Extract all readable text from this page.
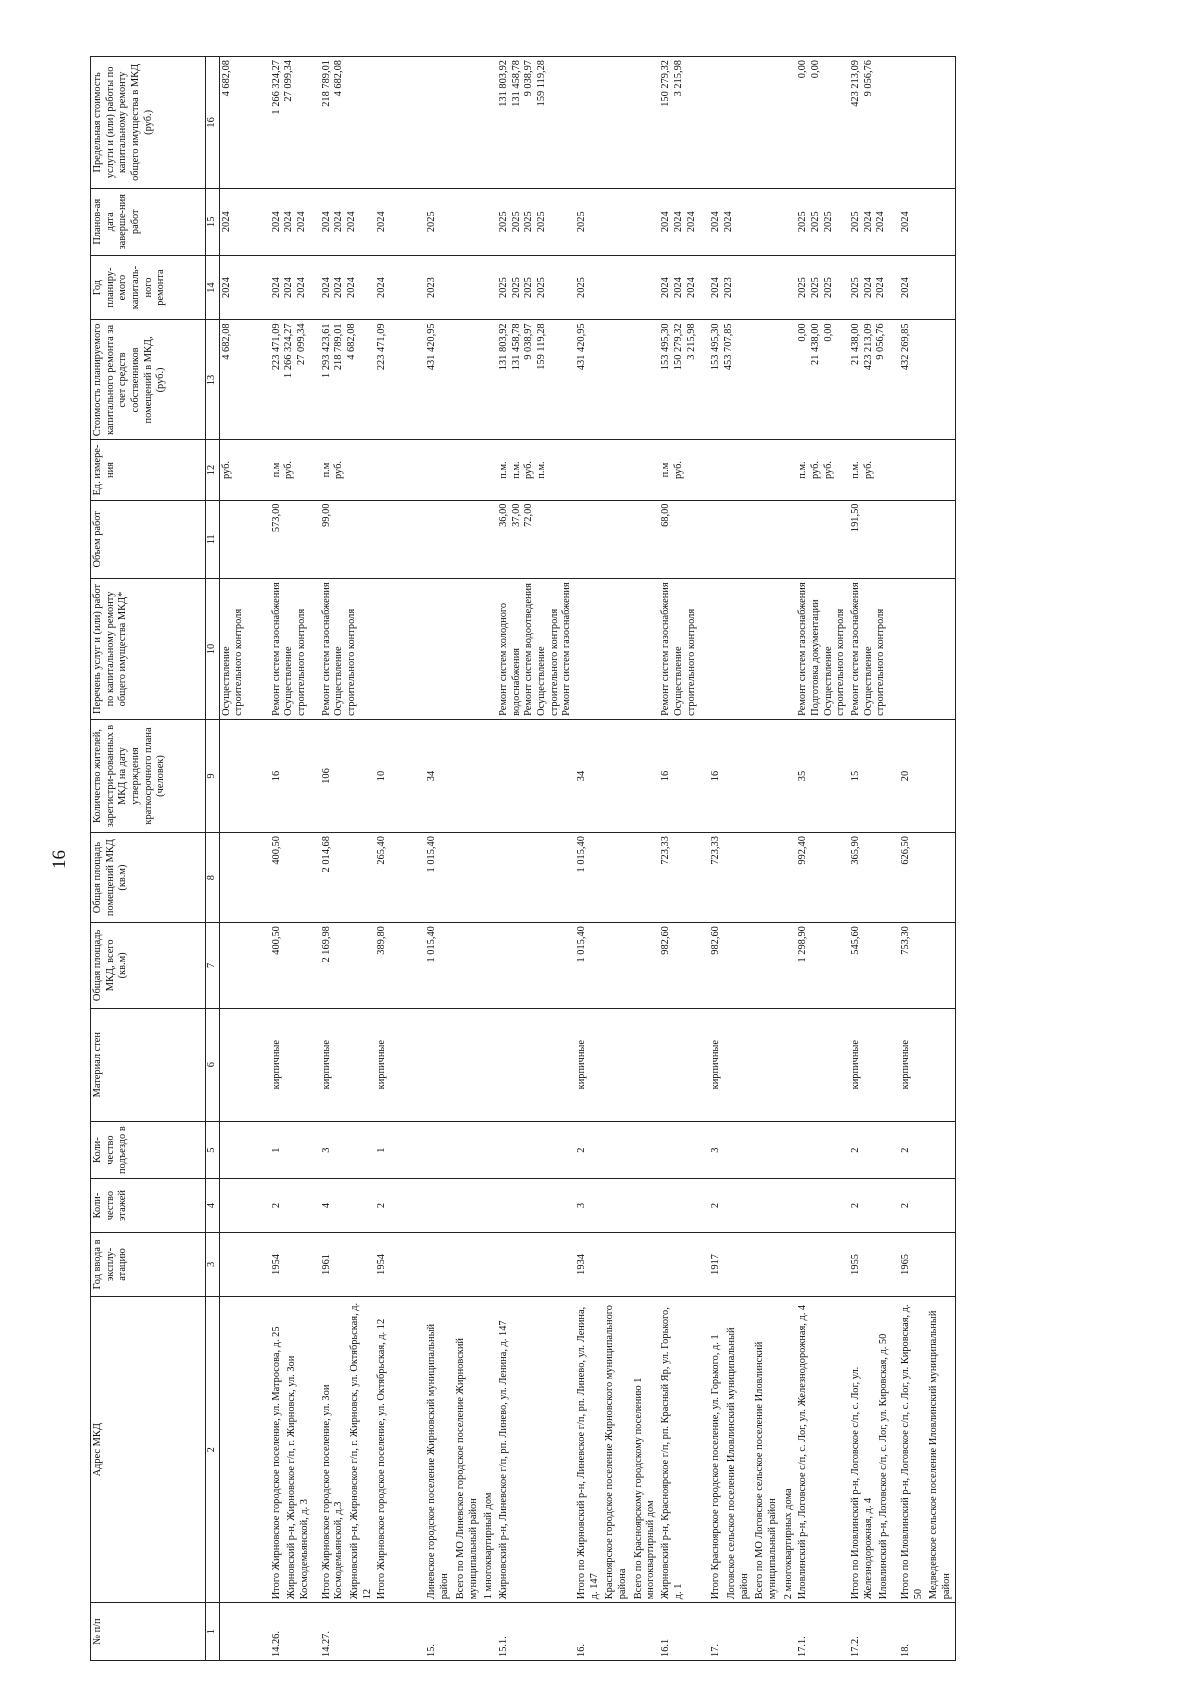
16
№ п/п	Адрес МКД	Год ввода в эксплу-атацию	Коли-чество этажей	Коли-чество подъездо в	Материал стен	Общая площадь МКД, всего (кв.м)	Общая площадь помещений МКД (кв.м)	Количество жителей, зарегистри-рованных в МКД на дату утверждения краткосрочного плана (человек)	Перечень услуг и (или) работ по капитальному ремонту общего имущества МКД*	Объем работ	Ед. измере-ния	Стоимость планируемого капитального ремонта за счет средств собственников помещений в МКД, (руб.)	Год планиру-емого капиталь-ного ремонта	Планов-ая дата заверше-ния работ	Предельная стоимость услуги и (или) работы по капитальному ремонту общего имущества в МКД (руб.)
1	2	3	4	5	6	7	8	9	10	11	12	13	14	15	16

									Осуществление строительного контроля		руб.	4 682,08	2024	2024	4 682,08

14.26.	Итого Жирновское городское поселение, ул. Матросова, д. 25 Жирновский р-н, Жирновское г/п, г. Жирновск, ул. Зои Космодемьянской, д. 3	1954	2	1	кирпичные	400,50	400,50	16	Ремонт систем газоснабжения Осуществление строительного контроля	573,00	п.м руб.	223 471,09 1 266 324,27 27 099,34	2024 2024 2024	2024 2024 2024	1 266 324,27 27 099,34

14.27.	Итого Жирновское городское поселение, ул. Зои Космодемьянской, д.3 Жирновский р-н, Жирновское г/п, г. Жирновск, ул. Октябрьская, д. 12	1961	4	3	кирпичные	2 169,98	2 014,68	106	Ремонт систем газоснабжения Осуществление строительного контроля	99,00	п.м руб.	1 293 423,61 218 789,01 4 682,08	2024 2024 2024	2024 2024 2024	218 789,01 4 682,08

	Итого Жирновское городское поселение, ул. Октябрьская, д. 12	1954	2	1	кирпичные	389,80	265,40	10				223 471,09	2024	2024	

15.	Линевское городское поселение Жирновский муниципальный район Всего по МО Линевское городское поселение Жирновский муниципальный район 1 многоквартирный дом					1 015,40	1 015,40	34				431 420,95	2023	2025	

15.1.	Жирновский р-н, Линевское г/п, рп. Линево, ул. Ленина, д. 147								Ремонт систем холодного водоснабжения Ремонт систем водоотведения Осуществление строительного контроля Ремонт систем газоснабжения	36,00 37,00 72,00	п.м. п.м. руб. п.м.	131 803,92 131 458,78 9 038,97 159 119,28	2025 2025 2025 2025	2025 2025 2025 2025	131 803,92 131 458,78 9 038,97 159 119,28

16.	Итого по Жирновский р-н, Линевское г/п, рп. Линево, ул. Ленина, д. 147 Красноярское городское поселение Жирновского муниципального района Всего по Красноярскому городскому поселению 1 многоквартирный дом	1934	3	2	кирпичные	1 015,40	1 015,40	34				431 420,95	2025	2025	

16.1	Жирновский р-н, Красноярское г/п, рп. Красный Яр, ул. Горького, д. 1					982,60	723,33	16	Ремонт систем газоснабжения Осуществление строительного контроля	68,00	п.м руб.	153 495,30 150 279,32 3 215,98	2024 2024 2024	2024 2024 2024	150 279,32 3 215,98

17.	Итого Красноярское городское поселение, ул. Горького, д. 1 Логовское сельское поселение Иловлинский муниципальный район Всего по МО Логовское сельское поселение Иловлинский муниципальный район 2 многоквартирных дома	1917	2	3	кирпичные	982,60	723,33	16				153 495,30 453 707,85	2024 2023	2024 2024	

17.1.	Иловлинский р-н, Логовское с/п, с. Лог, ул. Железнодорожная, д. 4					1 298,90	992,40	35	Ремонт систем газоснабжения Подготовка документации Осуществление строительного контроля		п.м. руб. руб.	0,00 21 438,00 0,00	2025 2025 2025	2025 2025 2025	0,00 0,00

17.2.	Итого по Иловлинский р-н, Логовское с/п, с. Лог, ул. Железнодорожная, д. 4 Иловлинский р-н, Логовское с/п, с. Лог, ул. Кировская, д. 50	1955	2	2	кирпичные	545,60	365,90	15	Ремонт систем газоснабжения Осуществление строительного контроля	191,50	п.м. руб.	21 438,00 423 213,09 9 056,76	2025 2024 2024	2025 2024 2024	423 213,09 9 056,76

18.	Итого по Иловлинский р-н, Логовское с/п, с. Лог, ул. Кировская, д. 50 Медведевское сельское поселение Иловлинский муниципальный район	1965	2	2	кирпичные	753,30	626,50	20				432 269,85	2024	2024	
